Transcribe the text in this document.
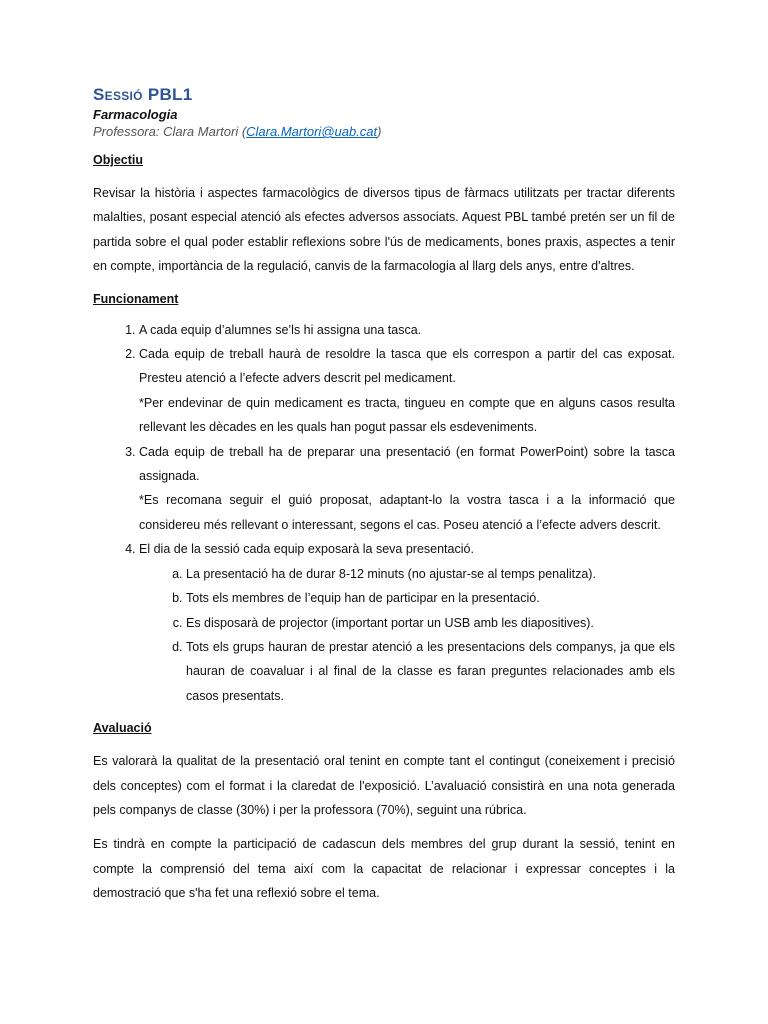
Sessió PBL1

Farmacologia

Professora: Clara Martori (Clara.Martori@uab.cat)

Objectiu

Revisar la història i aspectes farmacològics de diversos tipus de fàrmacs utilitzats per tractar diferents malalties, posant especial atenció als efectes adversos associats. Aquest PBL també pretén ser un fil de partida sobre el qual poder establir reflexions sobre l'ús de medicaments, bones praxis, aspectes a tenir en compte, importància de la regulació, canvis de la farmacologia al llarg dels anys, entre d'altres.

Funcionament

1. A cada equip d’alumnes se’ls hi assigna una tasca.
2. Cada equip de treball haurà de resoldre la tasca que els correspon a partir del cas exposat. Presteu atenció a l’efecte advers descrit pel medicament.
*Per endevinar de quin medicament es tracta, tingueu en compte que en alguns casos resulta rellevant les dècades en les quals han pogut passar els esdeveniments.
3. Cada equip de treball ha de preparar una presentació (en format PowerPoint) sobre la tasca assignada.
*Es recomana seguir el guió proposat, adaptant-lo la vostra tasca i a la informació que considereu més rellevant o interessant, segons el cas. Poseu atenció a l’efecte advers descrit.
4. El dia de la sessió cada equip exposarà la seva presentació.
a. La presentació ha de durar 8-12 minuts (no ajustar-se al temps penalitza).
b. Tots els membres de l’equip han de participar en la presentació.
c. Es disposarà de projector (important portar un USB amb les diapositives).
d. Tots els grups hauran de prestar atenció a les presentacions dels companys, ja que els hauran de coavaluar i al final de la classe es faran preguntes relacionades amb els casos presentats.

Avaluació

Es valorarà la qualitat de la presentació oral tenint en compte tant el contingut (coneixement i precisió dels conceptes) com el format i la claredat de l'exposició. L’avaluació consistirà en una nota generada pels companys de classe (30%) i per la professora (70%), seguint una rúbrica.

Es tindrà en compte la participació de cadascun dels membres del grup durant la sessió, tenint en compte la comprensió del tema així com la capacitat de relacionar i expressar conceptes i la demostració que s'ha fet una reflexió sobre el tema.
